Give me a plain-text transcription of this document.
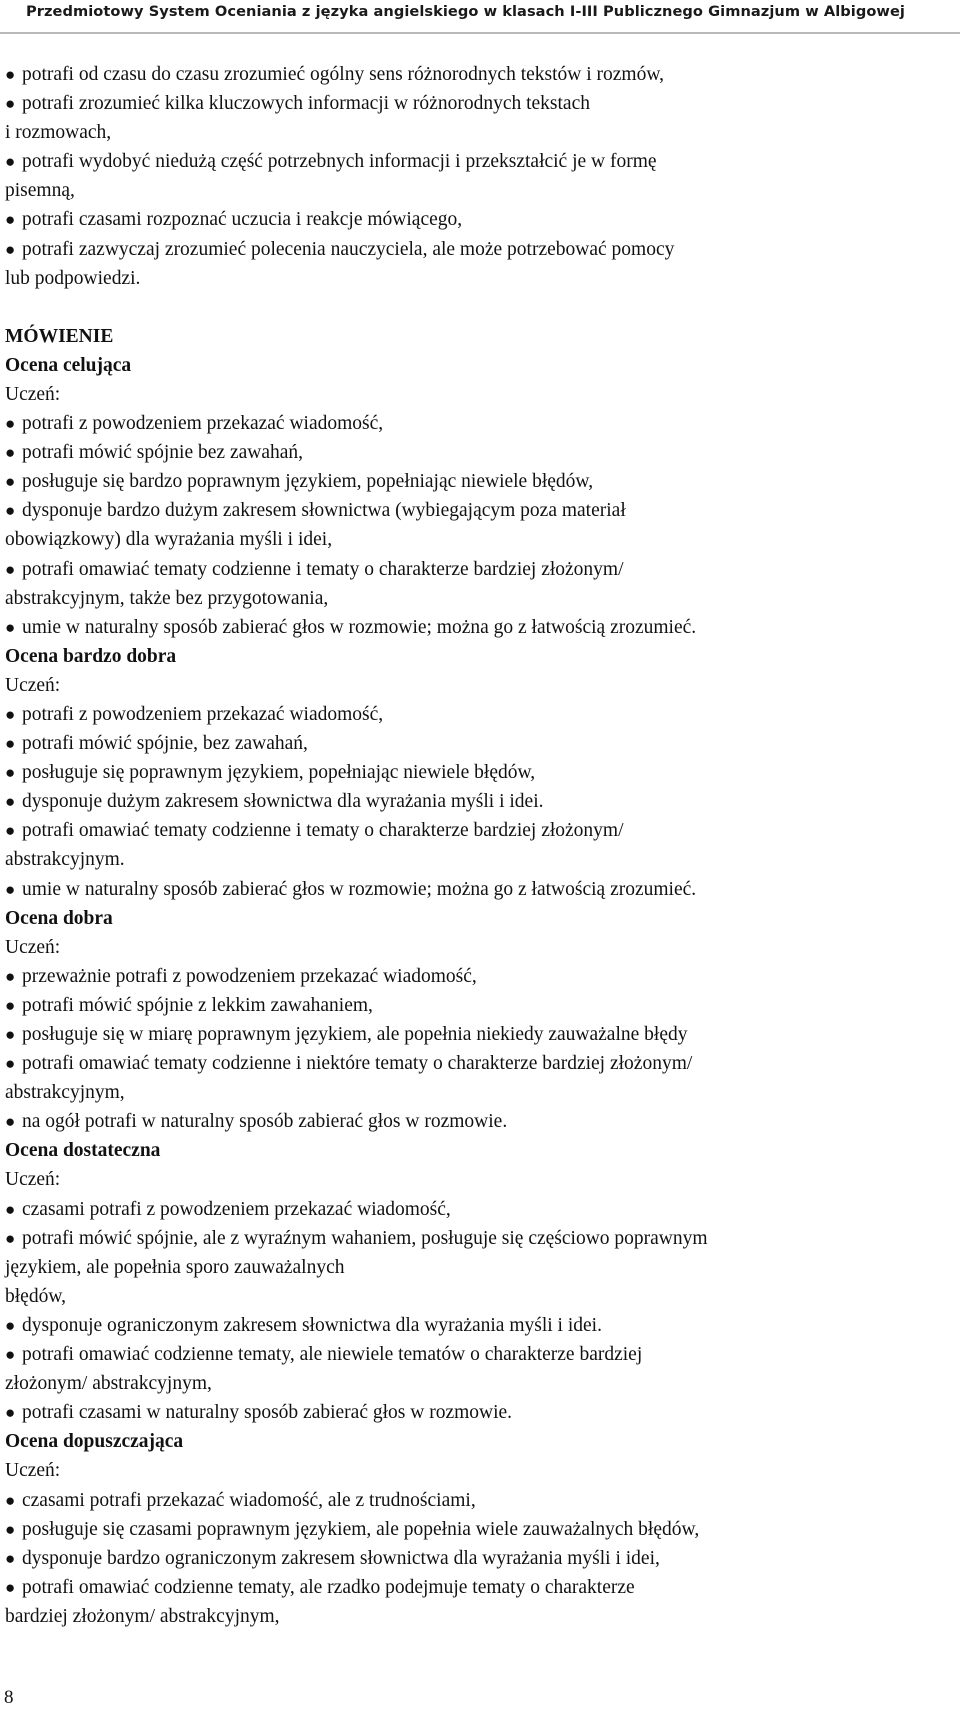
Przedmiotowy System Oceniania z języka angielskiego w klasach I-III Publicznego Gimnazjum w Albigowej
● potrafi od czasu do czasu zrozumieć ogólny sens różnorodnych tekstów i rozmów,
● potrafi zrozumieć kilka kluczowych informacji w różnorodnych tekstach
i rozmowach,
● potrafi wydobyć niedużą część potrzebnych informacji i przekształcić je w formę
pisemną,
● potrafi czasami rozpoznać uczucia i reakcje mówiącego,
● potrafi zazwyczaj zrozumieć polecenia nauczyciela, ale może potrzebować pomocy
lub podpowiedzi.
MÓWIENIE
Ocena celująca
Uczeń:
● potrafi z powodzeniem przekazać wiadomość,
● potrafi mówić spójnie bez zawahań,
● posługuje się bardzo poprawnym językiem, popełniając niewiele błędów,
● dysponuje bardzo dużym zakresem słownictwa (wybiegającym poza materiał
obowiązkowy) dla wyrażania myśli i idei,
● potrafi omawiać tematy codzienne i tematy o charakterze bardziej złożonym/
abstrakcyjnym, także bez przygotowania,
● umie w naturalny sposób zabierać głos w rozmowie; można go z łatwością zrozumieć.
Ocena bardzo dobra
Uczeń:
● potrafi z powodzeniem przekazać wiadomość,
● potrafi mówić spójnie, bez zawahań,
● posługuje się poprawnym językiem, popełniając niewiele błędów,
● dysponuje dużym zakresem słownictwa dla wyrażania myśli i idei.
● potrafi omawiać tematy codzienne i tematy o charakterze bardziej złożonym/
abstrakcyjnym.
● umie w naturalny sposób zabierać głos w rozmowie; można go z łatwością zrozumieć.
Ocena dobra
Uczeń:
● przeważnie potrafi z powodzeniem przekazać wiadomość,
● potrafi mówić spójnie z lekkim zawahaniem,
● posługuje się w miarę poprawnym językiem, ale popełnia niekiedy zauważalne błędy
● potrafi omawiać tematy codzienne i niektóre tematy o charakterze bardziej złożonym/
abstrakcyjnym,
● na ogół potrafi w naturalny sposób zabierać głos w rozmowie.
Ocena dostateczna
Uczeń:
● czasami potrafi z powodzeniem przekazać wiadomość,
● potrafi mówić spójnie, ale z wyraźnym wahaniem, posługuje się częściowo poprawnym
językiem, ale popełnia sporo zauważalnych
błędów,
● dysponuje ograniczonym zakresem słownictwa dla wyrażania myśli i idei.
● potrafi omawiać codzienne tematy, ale niewiele tematów o charakterze bardziej
złożonym/ abstrakcyjnym,
● potrafi czasami w naturalny sposób zabierać głos w rozmowie.
Ocena dopuszczająca
Uczeń:
● czasami potrafi przekazać wiadomość, ale z trudnościami,
● posługuje się czasami poprawnym językiem, ale popełnia wiele zauważalnych błędów,
● dysponuje bardzo ograniczonym zakresem słownictwa dla wyrażania myśli i idei,
● potrafi omawiać codzienne tematy, ale rzadko podejmuje tematy o charakterze
bardziej złożonym/ abstrakcyjnym,
8
